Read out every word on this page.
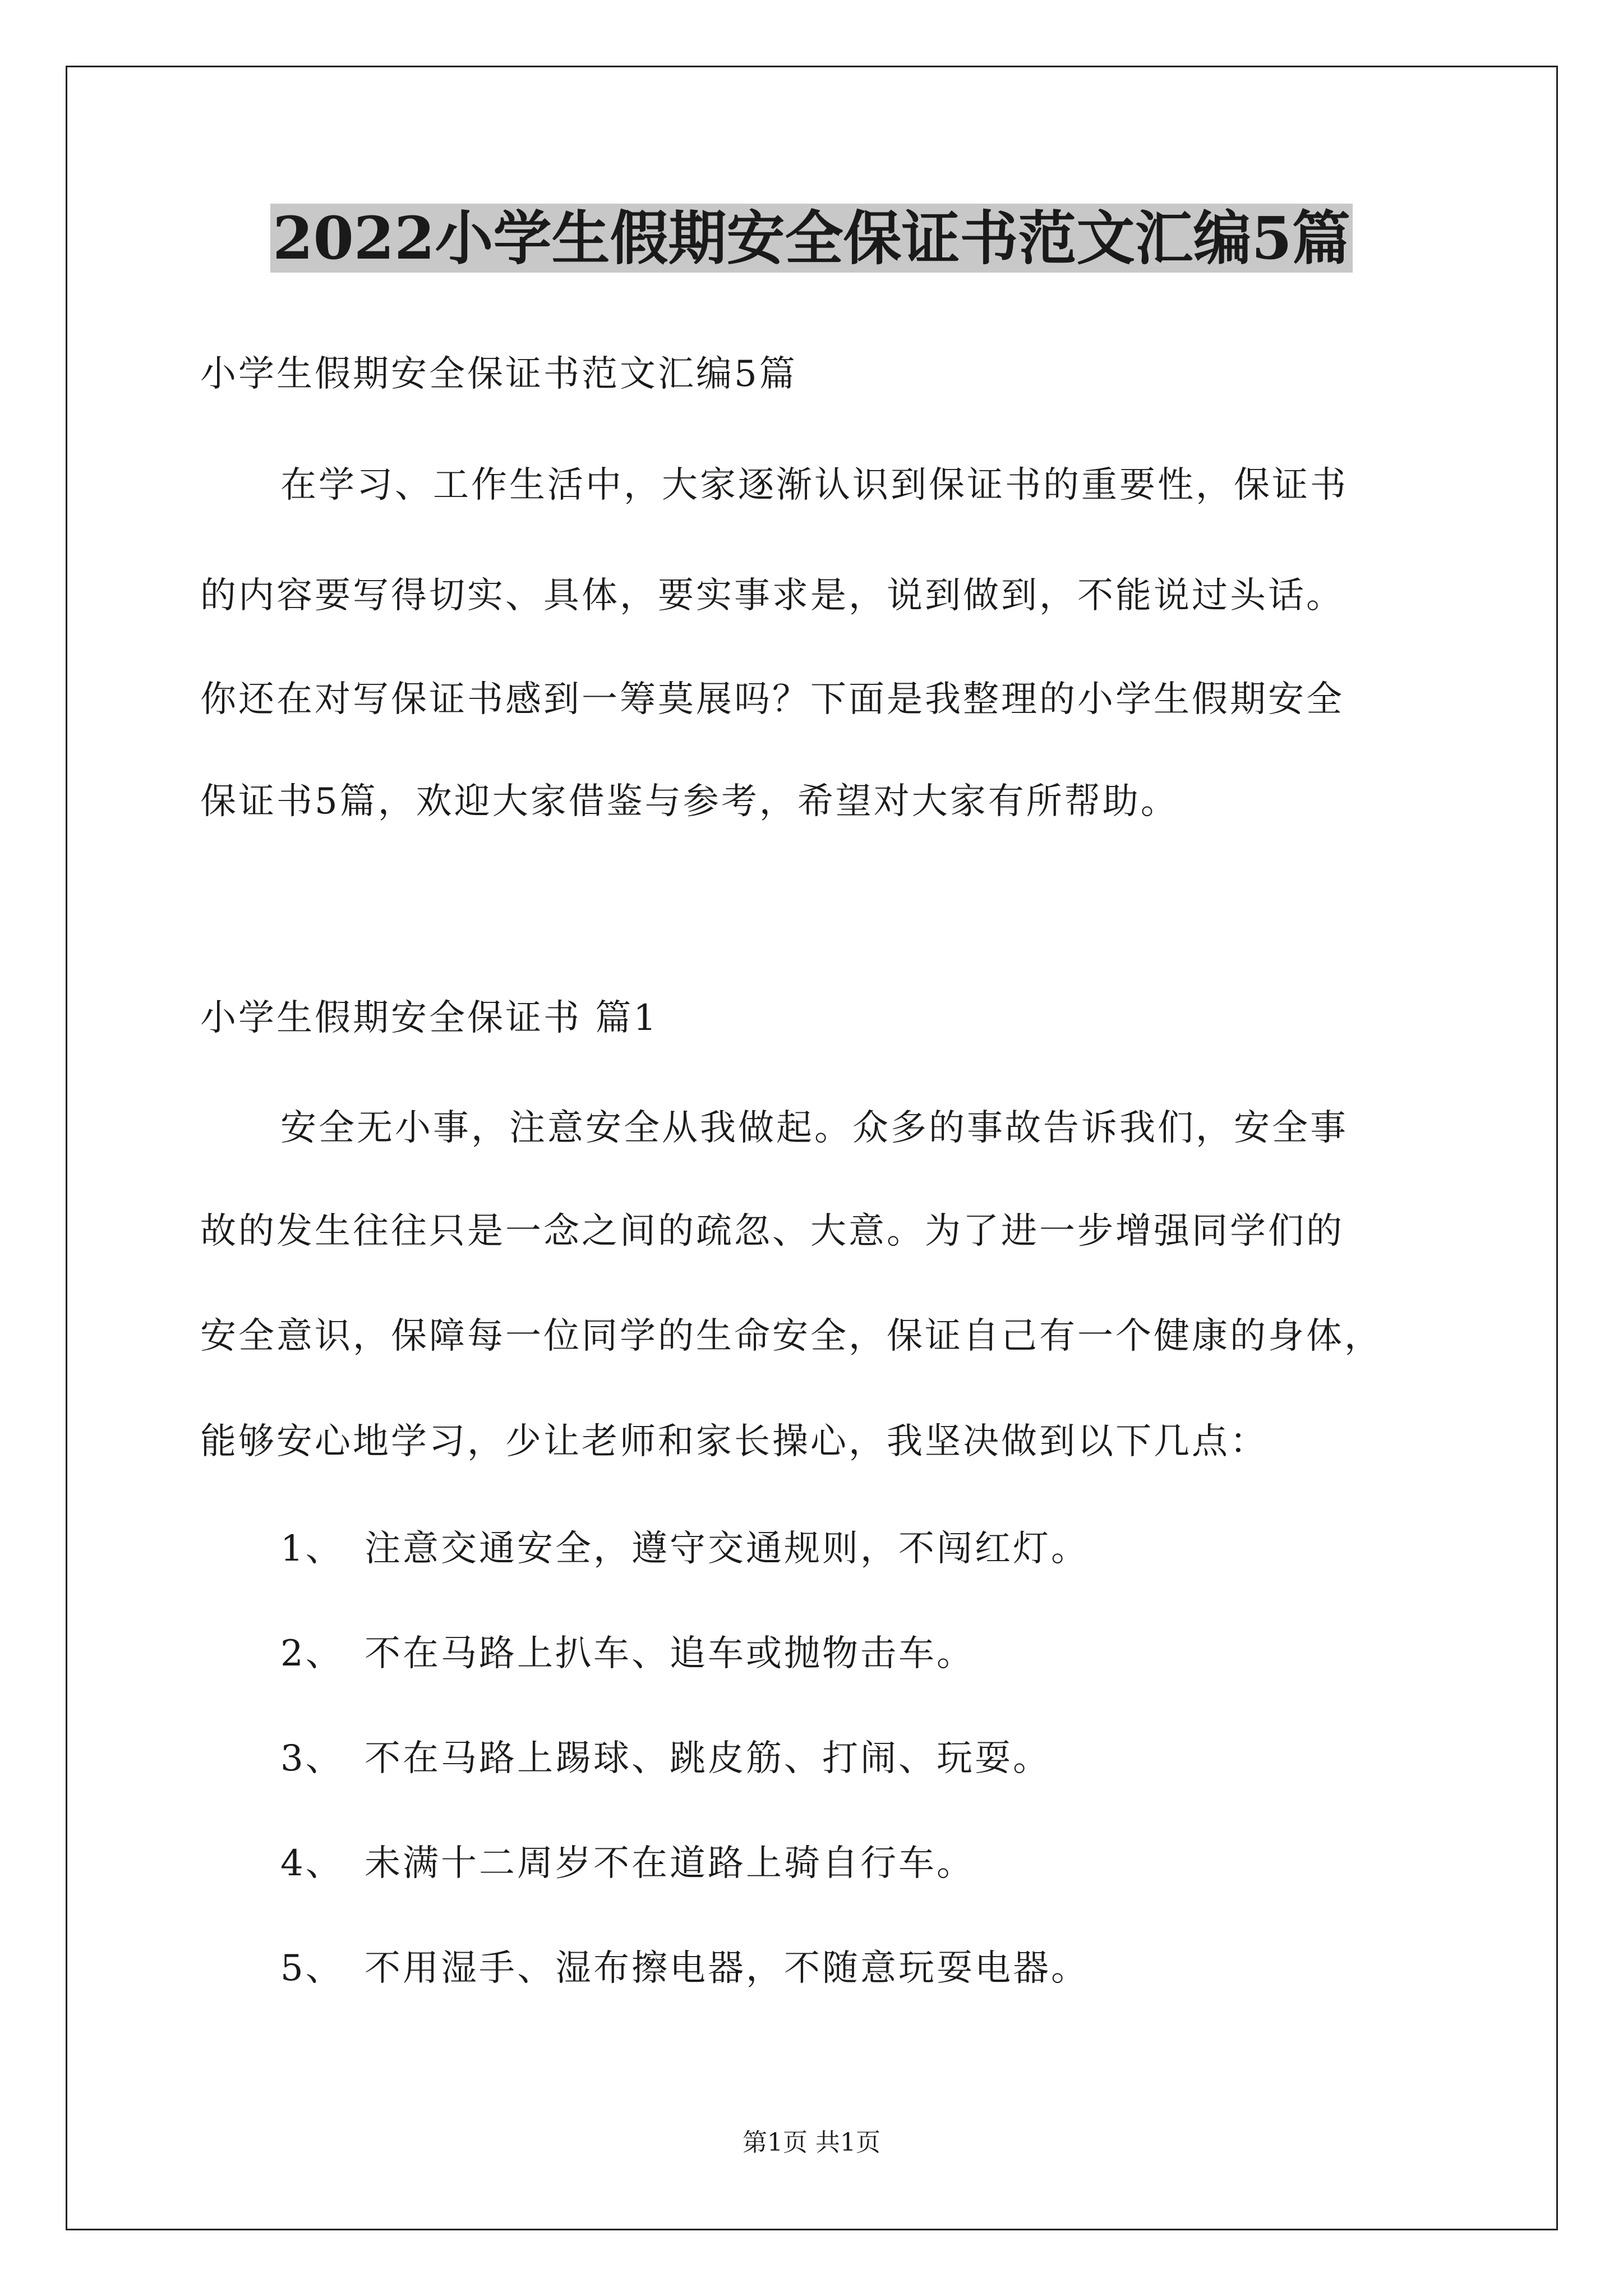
2022小学生假期安全保证书范文汇编5篇
小学生假期安全保证书范文汇编5篇
在学习、工作生活中，大家逐渐认识到保证书的重要性，保证书
的内容要写得切实、具体，要实事求是，说到做到，不能说过头话。
你还在对写保证书感到一筹莫展吗？下面是我整理的小学生假期安全
保证书5篇，欢迎大家借鉴与参考，希望对大家有所帮助。
小学生假期安全保证书 篇1
安全无小事，注意安全从我做起。众多的事故告诉我们，安全事
故的发生往往只是一念之间的疏忽、大意。为了进一步增强同学们的
安全意识，保障每一位同学的生命安全，保证自己有一个健康的身体，
能够安心地学习，少让老师和家长操心，我坚决做到以下几点：
1、 注意交通安全，遵守交通规则，不闯红灯。
2、 不在马路上扒车、追车或抛物击车。
3、 不在马路上踢球、跳皮筋、打闹、玩耍。
4、 未满十二周岁不在道路上骑自行车。
5、 不用湿手、湿布擦电器，不随意玩耍电器。
第1页 共1页
